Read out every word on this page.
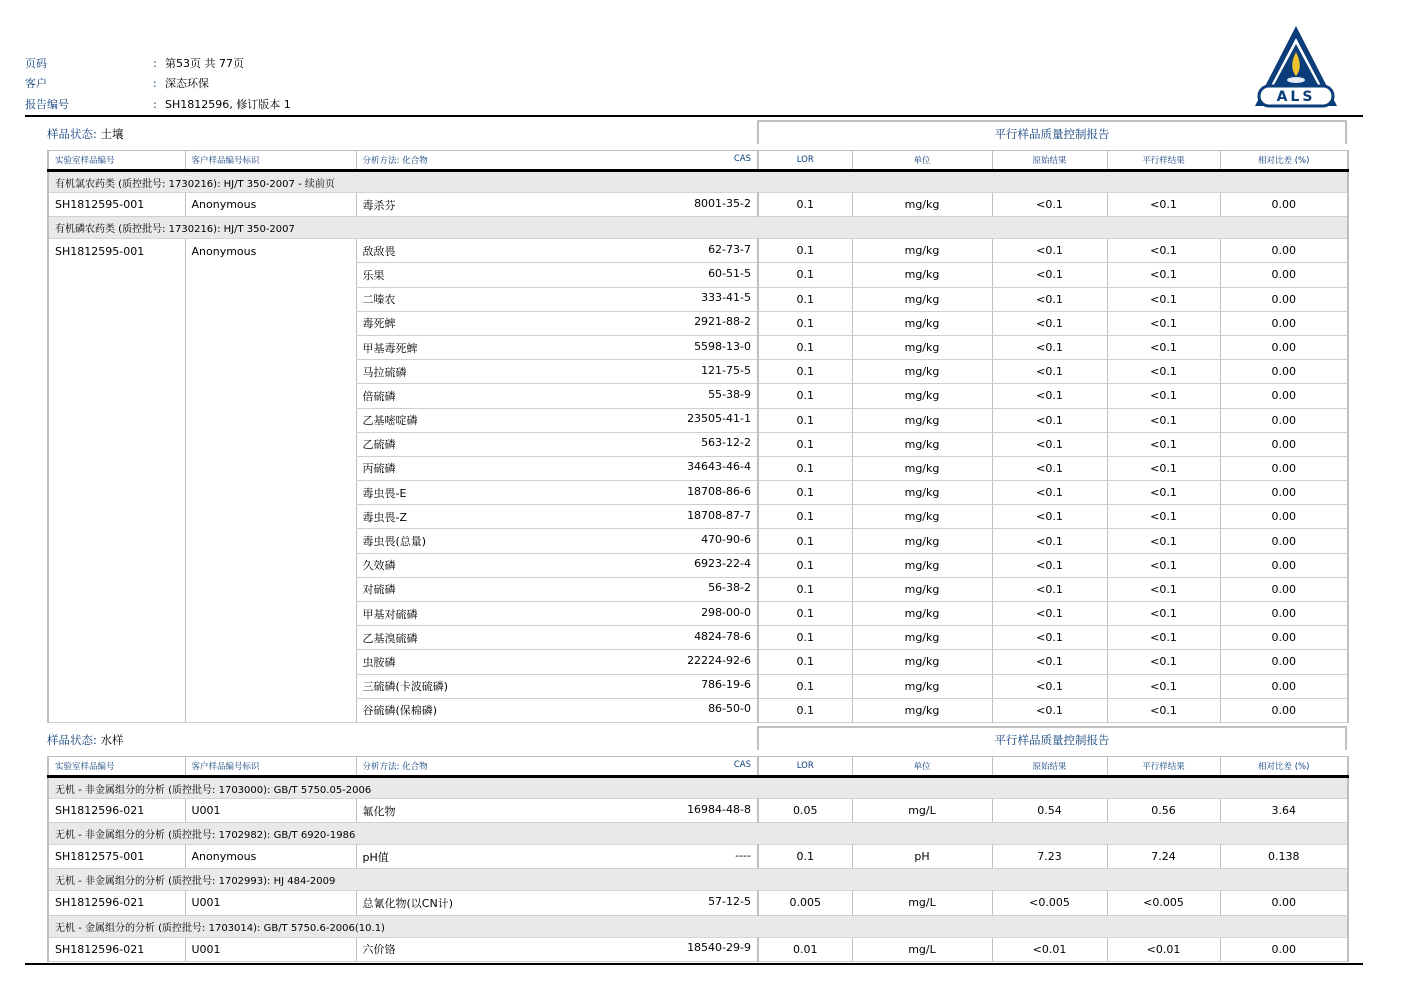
页码	: 第53页 共 77页
客户	: 深态环保
报告编号	: SH1812596, 修订版本 1	ALS
样品状态: 土壤	平行样品质量控制报告
实验室样品编号	客户样品编号标识	分析方法: 化合物 CAS	LOR	单位	原始结果	平行样结果	相对比差 (%)
有机氯农药类 (质控批号: 1730216): HJ/T 350-2007 - 续前页							
SH1812595-001	Anonymous	毒杀芬 8001-35-2	0.1	mg/kg	<0.1	<0.1	0.00
有机磷农药类 (质控批号: 1730216): HJ/T 350-2007							
SH1812595-001	Anonymous	敌敌畏 62-73-7	0.1	mg/kg	<0.1	<0.1	0.00
		乐果 60-51-5	0.1	mg/kg	<0.1	<0.1	0.00
		二嗪农 333-41-5	0.1	mg/kg	<0.1	<0.1	0.00
		毒死蜱 2921-88-2	0.1	mg/kg	<0.1	<0.1	0.00
		甲基毒死蜱 5598-13-0	0.1	mg/kg	<0.1	<0.1	0.00
		马拉硫磷 121-75-5	0.1	mg/kg	<0.1	<0.1	0.00
		倍硫磷 55-38-9	0.1	mg/kg	<0.1	<0.1	0.00
		乙基嘧啶磷 23505-41-1	0.1	mg/kg	<0.1	<0.1	0.00
		乙硫磷 563-12-2	0.1	mg/kg	<0.1	<0.1	0.00
		丙硫磷 34643-46-4	0.1	mg/kg	<0.1	<0.1	0.00
		毒虫畏-E 18708-86-6	0.1	mg/kg	<0.1	<0.1	0.00
		毒虫畏-Z 18708-87-7	0.1	mg/kg	<0.1	<0.1	0.00
		毒虫畏(总量) 470-90-6	0.1	mg/kg	<0.1	<0.1	0.00
		久效磷 6923-22-4	0.1	mg/kg	<0.1	<0.1	0.00
		对硫磷 56-38-2	0.1	mg/kg	<0.1	<0.1	0.00
		甲基对硫磷 298-00-0	0.1	mg/kg	<0.1	<0.1	0.00
		乙基溴硫磷 4824-78-6	0.1	mg/kg	<0.1	<0.1	0.00
		虫胺磷 22224-92-6	0.1	mg/kg	<0.1	<0.1	0.00
		三硫磷(卡波硫磷) 786-19-6	0.1	mg/kg	<0.1	<0.1	0.00
		谷硫磷(保棉磷) 86-50-0	0.1	mg/kg	<0.1	<0.1	0.00
样品状态: 水样	平行样品质量控制报告
实验室样品编号	客户样品编号标识	分析方法: 化合物 CAS	LOR	单位	原始结果	平行样结果	相对比差 (%)
无机 - 非金属组分的分析 (质控批号: 1703000): GB/T 5750.05-2006							
SH1812596-021	U001	氟化物 16984-48-8	0.05	mg/L	0.54	0.56	3.64
无机 - 非金属组分的分析 (质控批号: 1702982): GB/T 6920-1986							
SH1812575-001	Anonymous	pH值 ----	0.1	pH	7.23	7.24	0.138
无机 - 非金属组分的分析 (质控批号: 1702993): HJ 484-2009							
SH1812596-021	U001	总氰化物(以CN计) 57-12-5	0.005	mg/L	<0.005	<0.005	0.00
无机 - 金属组分的分析 (质控批号: 1703014): GB/T 5750.6-2006(10.1)							
SH1812596-021	U001	六价铬 18540-29-9	0.01	mg/L	<0.01	<0.01	0.00
